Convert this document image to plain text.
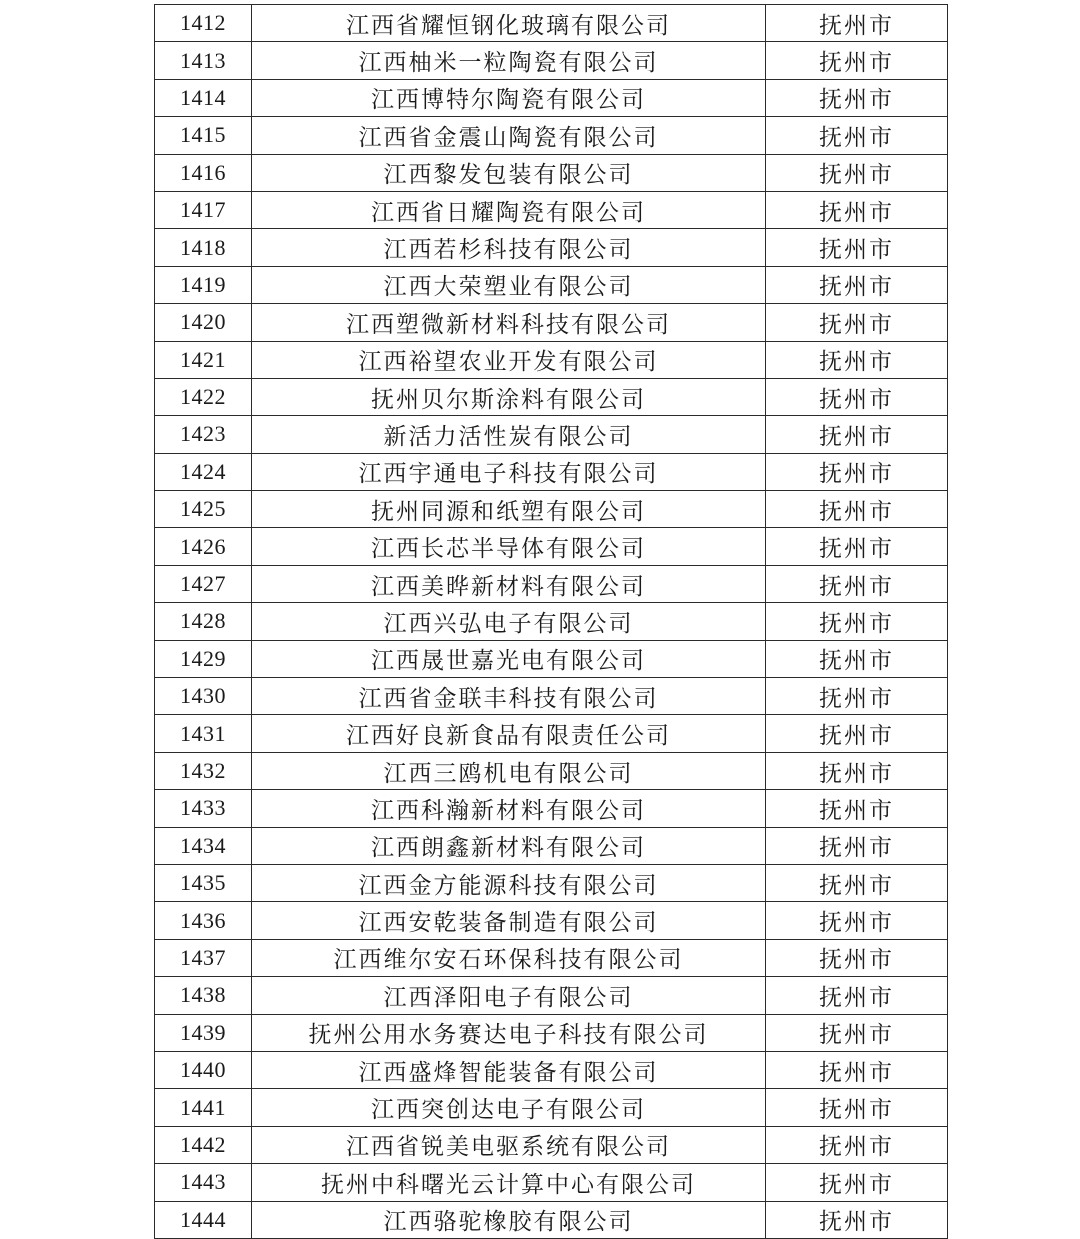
1412	江西省耀恒钢化玻璃有限公司	抚州市
1413	江西柚米一粒陶瓷有限公司	抚州市
1414	江西博特尔陶瓷有限公司	抚州市
1415	江西省金震山陶瓷有限公司	抚州市
1416	江西黎发包装有限公司	抚州市
1417	江西省日耀陶瓷有限公司	抚州市
1418	江西若杉科技有限公司	抚州市
1419	江西大荣塑业有限公司	抚州市
1420	江西塑微新材料科技有限公司	抚州市
1421	江西裕望农业开发有限公司	抚州市
1422	抚州贝尔斯涂料有限公司	抚州市
1423	新活力活性炭有限公司	抚州市
1424	江西宇通电子科技有限公司	抚州市
1425	抚州同源和纸塑有限公司	抚州市
1426	江西长芯半导体有限公司	抚州市
1427	江西美晔新材料有限公司	抚州市
1428	江西兴弘电子有限公司	抚州市
1429	江西晟世嘉光电有限公司	抚州市
1430	江西省金联丰科技有限公司	抚州市
1431	江西好良新食品有限责任公司	抚州市
1432	江西三鸥机电有限公司	抚州市
1433	江西科瀚新材料有限公司	抚州市
1434	江西朗鑫新材料有限公司	抚州市
1435	江西金方能源科技有限公司	抚州市
1436	江西安乾装备制造有限公司	抚州市
1437	江西维尔安石环保科技有限公司	抚州市
1438	江西泽阳电子有限公司	抚州市
1439	抚州公用水务赛达电子科技有限公司	抚州市
1440	江西盛烽智能装备有限公司	抚州市
1441	江西突创达电子有限公司	抚州市
1442	江西省锐美电驱系统有限公司	抚州市
1443	抚州中科曙光云计算中心有限公司	抚州市
1444	江西骆驼橡胶有限公司	抚州市
